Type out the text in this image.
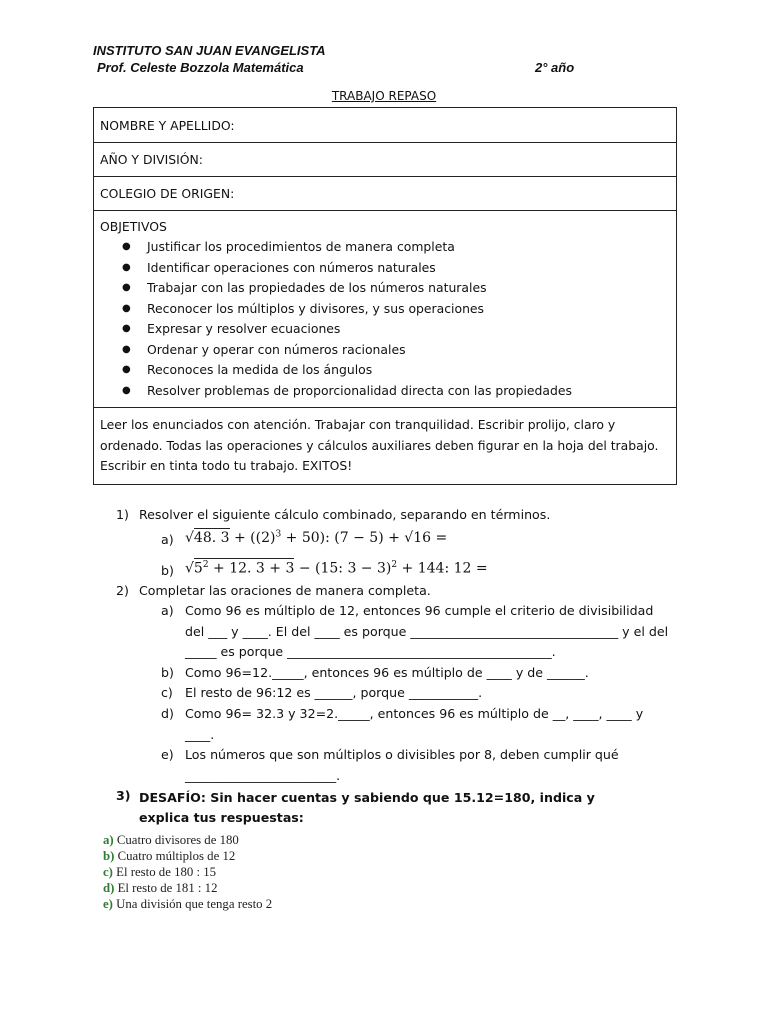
INSTITUTO SAN JUAN EVANGELISTA
Prof. Celeste Bozzola Matemática	2° año
TRABAJO REPASO
NOMBRE Y APELLIDO:
AÑO Y DIVISIÓN:
COLEGIO DE ORIGEN:
OBJETIVOS
● Justificar los procedimientos de manera completa
● Identificar operaciones con números naturales
● Trabajar con las propiedades de los números naturales
● Reconocer los múltiplos y divisores, y sus operaciones
● Expresar y resolver ecuaciones
● Ordenar y operar con números racionales
● Reconoces la medida de los ángulos
● Resolver problemas de proporcionalidad directa con las propiedades
Leer los enunciados con atención. Trabajar con tranquilidad. Escribir prolijo, claro y ordenado. Todas las operaciones y cálculos auxiliares deben figurar en la hoja del trabajo. Escribir en tinta todo tu trabajo. EXITOS!
1) Resolver el siguiente cálculo combinado, separando en términos.
a) √48. $3 + ((2)^3 + 50)$: (7 − 5) + √16 =
b) $√5^2 + 12$. 3 + 3 − (15: 3 − 3)$^2$ + 144: 12 =
2) Completar las oraciones de manera completa.
a) Como 96 es múltiplo de 12, entonces 96 cumple el criterio de divisibilidad del ___ y ____. El del ____ es porque _________________________________ y el del _____ es porque __________________________________________.
b) Como 96=12._____, entonces 96 es múltiplo de ____ y de ______.
c) El resto de 96:12 es ______, porque ___________.
d) Como 96= 32.3 y 32=2._____, entonces 96 es múltiplo de __, ____, ____ y ____.
e) Los números que son múltiplos o divisibles por 8, deben cumplir qué ________________________.
3) DESAFÍO: Sin hacer cuentas y sabiendo que 15.12=180, indica y explica tus respuestas:
a) Cuatro divisores de 180
b) Cuatro múltiplos de 12
c) El resto de 180 : 15
d) El resto de 181 : 12
e) Una división que tenga resto 2
